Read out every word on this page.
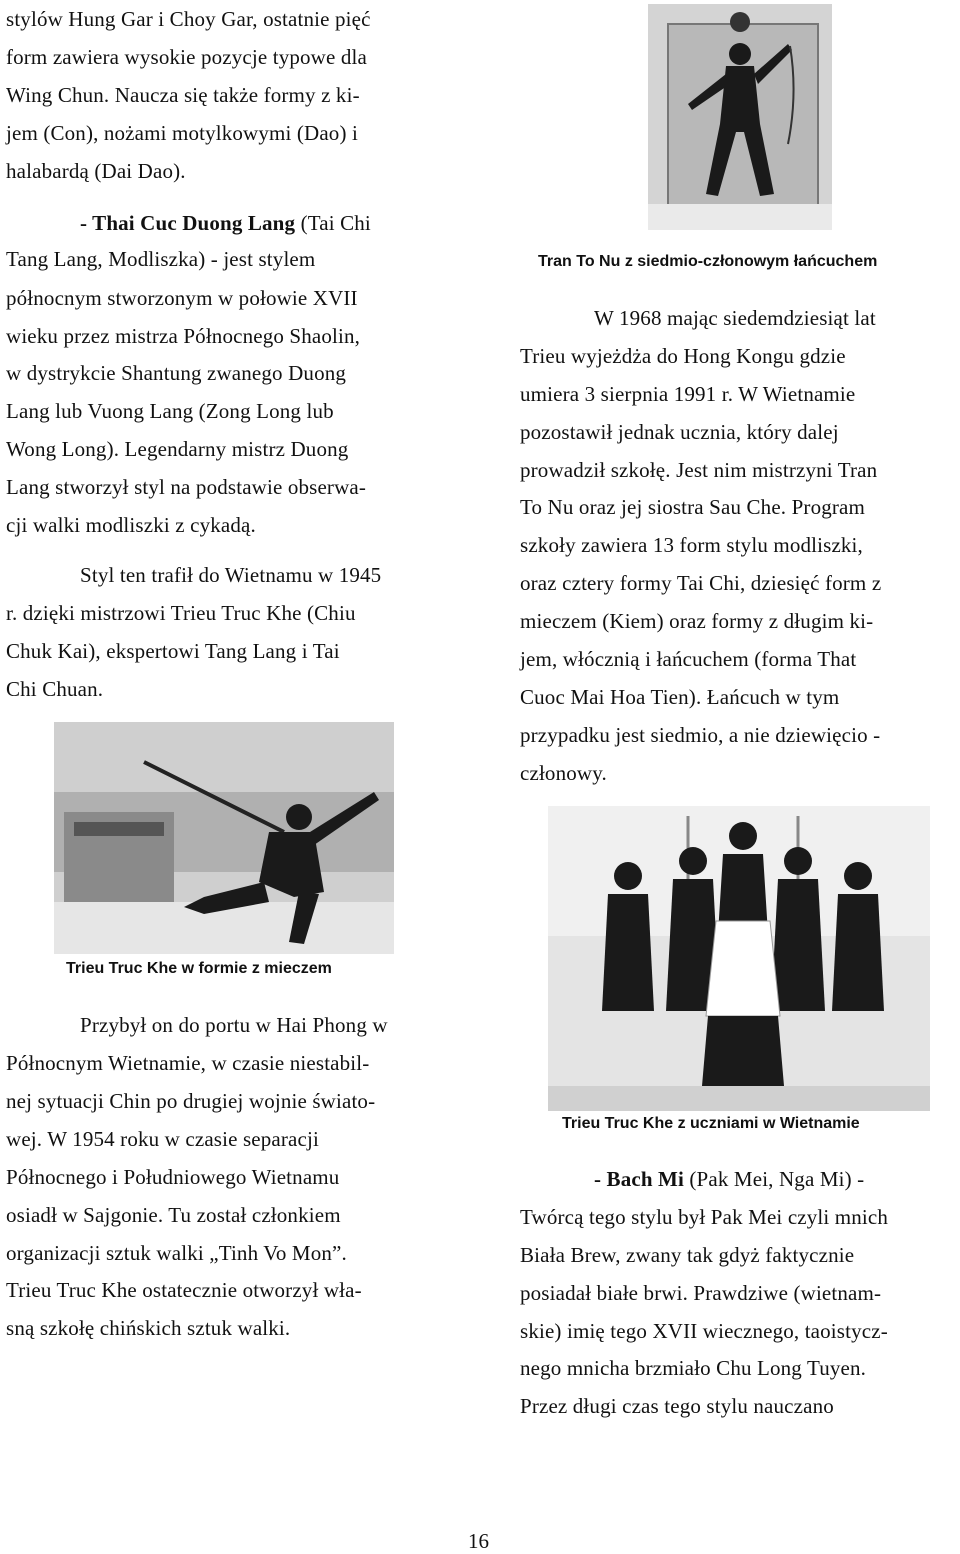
stylów Hung Gar i Choy Gar, ostatnie pięć
form zawiera wysokie pozycje typowe dla
Wing Chun. Naucza się także formy z ki-
jem (Con), nożami motylkowymi (Dao) i
halabardą (Dai Dao).
- Thai Cuc Duong Lang (Tai Chi
Tang Lang, Modliszka) - jest stylem
północnym stworzonym w połowie XVII
wieku przez mistrza Północnego Shaolin,
w dystrykcie Shantung zwanego Duong
Lang lub Vuong Lang (Zong Long lub
Wong Long). Legendarny mistrz Duong
Lang stworzył styl na podstawie obserwa-
cji walki modliszki z cykadą.
Styl ten trafił do Wietnamu w 1945
r. dzięki mistrzowi Trieu Truc Khe (Chiu
Chuk Kai), ekspertowi Tang Lang i Tai
Chi Chuan.
Trieu Truc Khe w formie z mieczem
Przybył on do portu w Hai Phong w
Północnym Wietnamie, w czasie niestabil-
nej sytuacji Chin po drugiej wojnie świato-
wej. W 1954 roku w czasie separacji
Północnego i Południowego Wietnamu
osiadł w Sajgonie. Tu został członkiem
organizacji sztuk walki „Tinh Vo Mon”.
Trieu Truc Khe ostatecznie otworzył wła-
sną szkołę chińskich sztuk walki.
Tran To Nu z siedmio-członowym łańcuchem
W 1968 mając siedemdziesiąt lat
Trieu wyjeżdża do Hong Kongu gdzie
umiera 3 sierpnia 1991 r. W Wietnamie
pozostawił jednak ucznia, który dalej
prowadził szkołę. Jest nim mistrzyni Tran
To Nu oraz jej siostra Sau Che. Program
szkoły zawiera 13 form stylu modliszki,
oraz cztery formy Tai Chi, dziesięć form z
mieczem (Kiem) oraz formy z długim ki-
jem, włócznią i łańcuchem (forma That
Cuoc Mai Hoa Tien). Łańcuch w tym
przypadku jest siedmio, a nie dziewięcio -
członowy.
Trieu Truc Khe z uczniami w Wietnamie
- Bach Mi (Pak Mei, Nga Mi) -
Twórcą tego stylu był Pak Mei czyli mnich
Biała Brew, zwany tak gdyż faktycznie
posiadał białe brwi. Prawdziwe (wietnam-
skie) imię tego XVII wiecznego, taoistycz-
nego mnicha brzmiało Chu Long Tuyen.
Przez długi czas tego stylu nauczano
16
